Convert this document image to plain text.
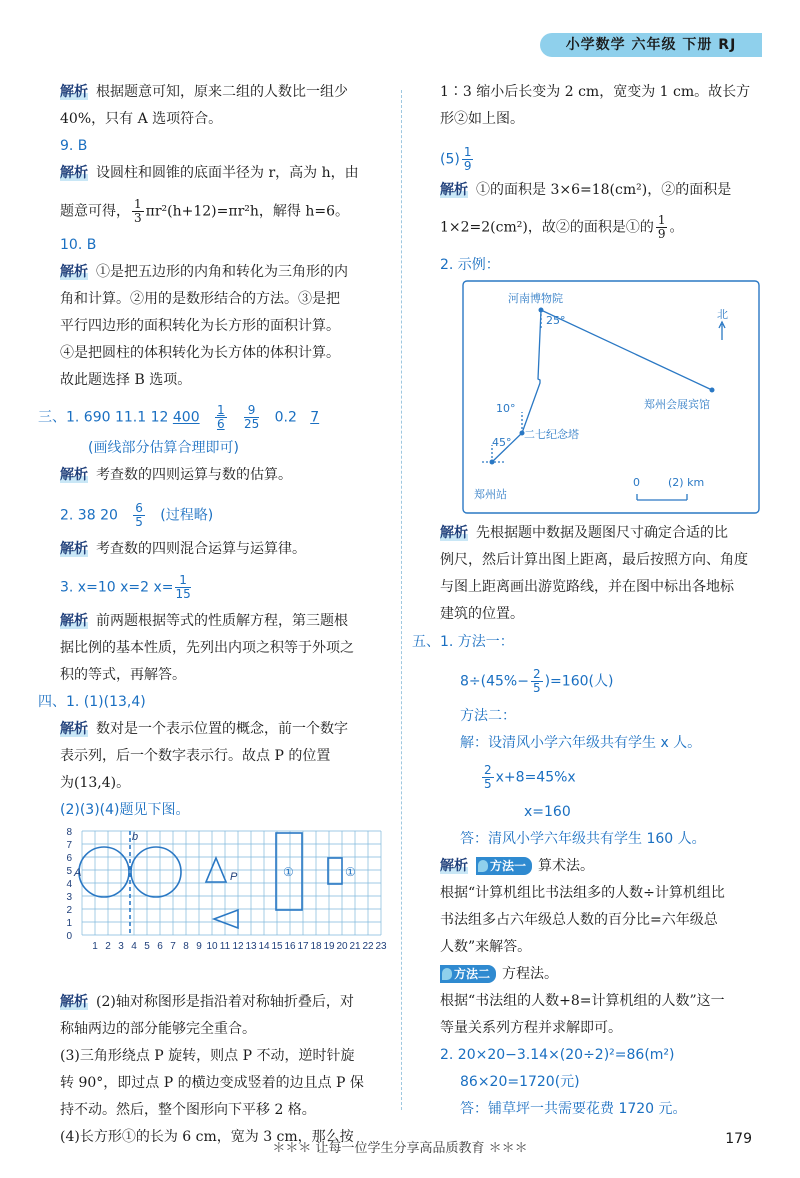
小学数学 六年级 下册 RJ
解析 根据题意可知，原来二组的人数比一组少
40%，只有 A 选项符合。
9. B
解析 设圆柱和圆锥的底面半径为 r，高为 h，由
题意可得， $\frac{1}{3} \pi r^2(h+12)=\pi r^2h$，解得 h=6。
10. B
解析 ①是把五边形的内角和转化为三角形的内
角和计算。②用的是数形结合的方法。③是把
平行四边形的面积转化为长方形的面积计算。
④是把圆柱的体积转化为长方体的体积计算。
故此题选择 B 选项。
三、1. 690 11.1 12 $400 \frac{1}{6}$
$\frac{9}{25} 0.2$ 7
(画线部分估算合理即可)
解析 考查数的四则运算与数的估算。
2. 38 $20 \frac{6}{5}$ (过程略)
解析 考查数的四则混合运算与运算律。
3. x=10 x=2 $x= \frac{1}{15}$
解析 前两题根据等式的性质解方程，第三题根
据比例的基本性质，先列出内项之积等于外项之
积的等式，再解答。
四、1. (1)(13,4)
解析 数对是一个表示位置的概念，前一个数字
表示列，后一个数字表示行。故点 P 的位置
为(13,4)。
(2)(3)(4)题见下图。
解析 (2)轴对称图形是指沿着对称轴折叠后，对
称轴两边的部分能够完全重合。
(3)三角形绕点 P 旋转，则点 P 不动，逆时针旋
转 90°，即过点 P 的横边变成竖着的边且点 P 保
持不动。然后，整个图形向下平移 2 格。
(4)长方形①的长为 6 cm，宽为 3 cm，那么按
A
b
P	①	①
8
7
6
5
4
3
2
1
0
1 2 3 4 5 6 7 8 9 10 11 12 13 14 15 16 17 18 19 20 21 22 23
1∶3 缩小后长变为 2 cm，宽变为 1 cm。故长方
形②如上图。
$(5) \frac{1}{9}$
解析 ①的面积是 3×6=18(cm²)，②的面积是
1×2=2(cm²)，故②的面积是①的 $\frac{1}{9}$ 。
2. 示例：
解析 先根据题中数据及题图尺寸确定合适的比
例尺，然后计算出图上距离，最后按照方向、角度
与图上距离画出游览路线，并在图中标出各地标
建筑的位置。
五、1. 方法一：
$8\div(45\%- \frac{2}{5} )=160$(人)
方法二：
解：设清风小学六年级共有学生 x 人。
$\frac{2}{5} x+8=45\%x$
x=160
答：清风小学六年级共有学生 160 人。
解析 方法一 算术法。
根据“计算机组比书法组多的人数÷计算机组比
书法组多占六年级总人数的百分比=六年级总
人数”来解答。
方法二 方程法。
根据“书法组的人数+8=计算机组的人数”这一
等量关系列方程并求解即可。
2. 20×20−3.14×(20÷2)²=86(m²)
86×20=1720(元)
答：铺草坪一共需要花费 1720 元。
河南博物院
郑州会展宾馆
二七纪念塔
郑州站
北
25°
10°
45°
0	(2) km
＊＊＊ 让每一位学生分享高品质教育 ＊＊＊
179
